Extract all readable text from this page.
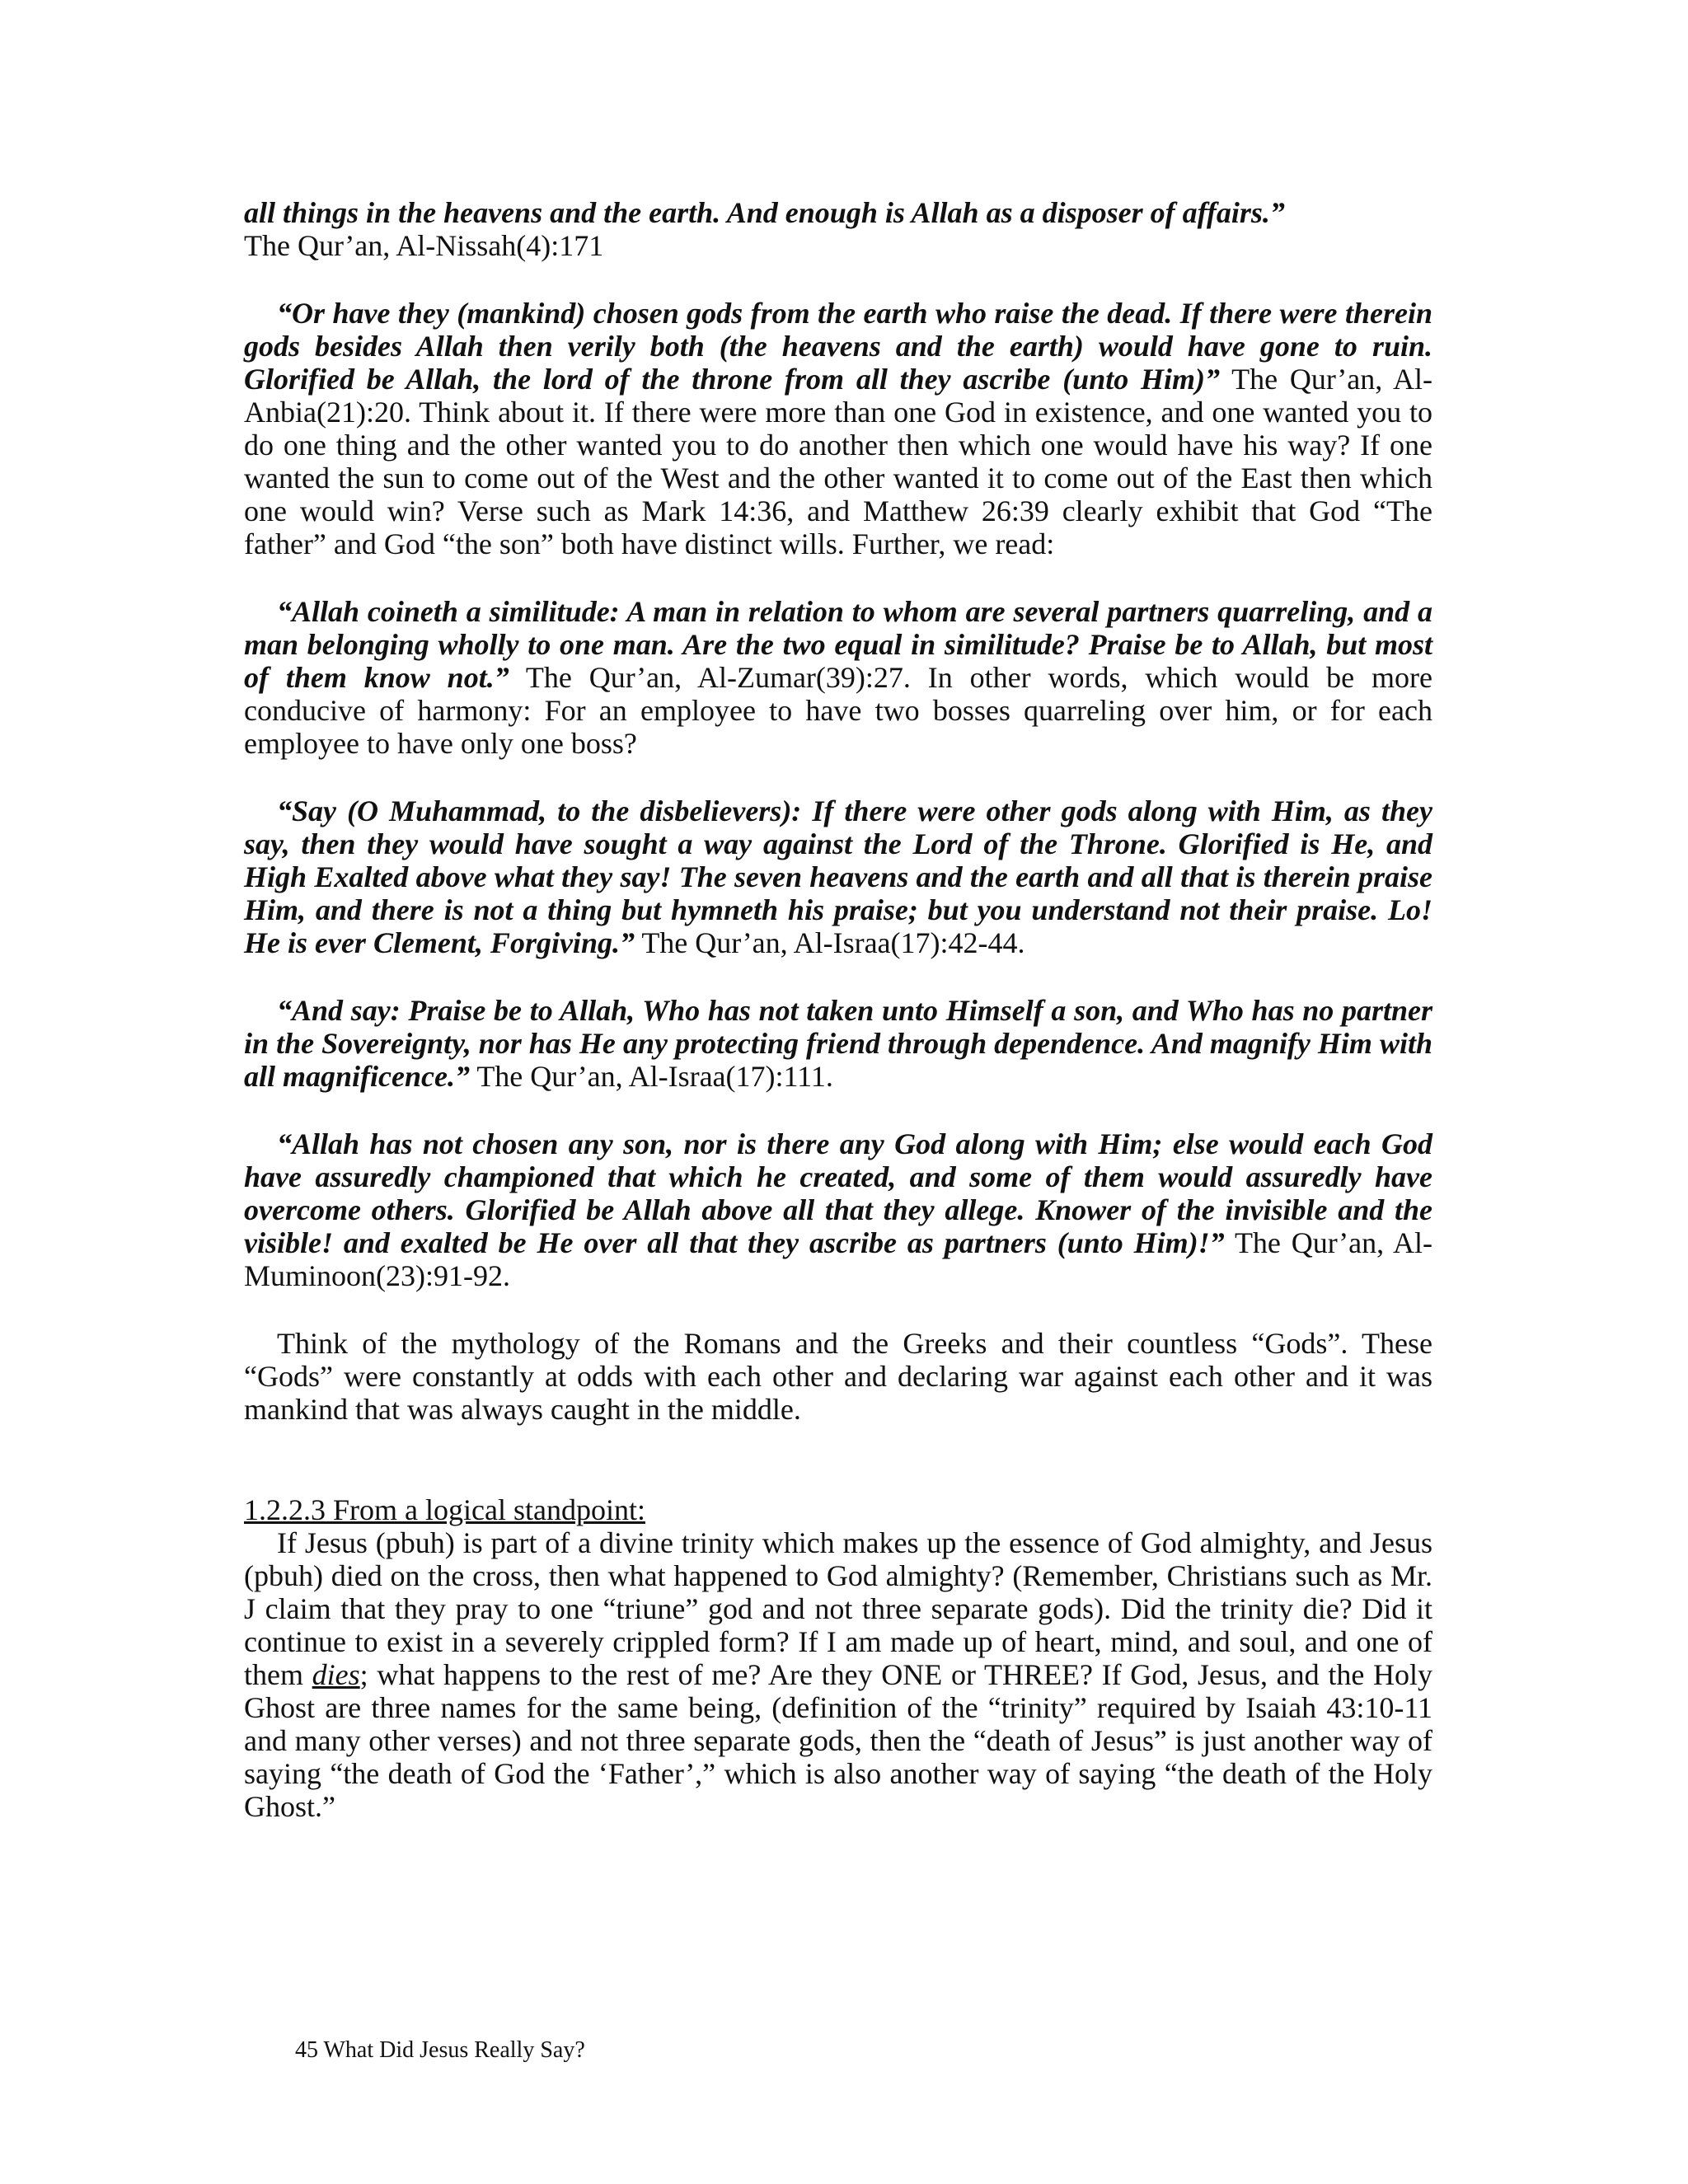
all things in the heavens and the earth. And enough is Allah as a disposer of affairs.”
The Qur’an, Al-Nissah(4):171

“Or have they (mankind) chosen gods from the earth who raise the dead. If there were therein gods besides Allah then verily both (the heavens and the earth) would have gone to ruin. Glorified be Allah, the lord of the throne from all they ascribe (unto Him)” The Qur’an, Al-Anbia(21):20. Think about it. If there were more than one God in existence, and one wanted you to do one thing and the other wanted you to do another then which one would have his way? If one wanted the sun to come out of the West and the other wanted it to come out of the East then which one would win? Verse such as Mark 14:36, and Matthew 26:39 clearly exhibit that God “The father” and God “the son” both have distinct wills. Further, we read:

“Allah coineth a similitude: A man in relation to whom are several partners quarreling, and a man belonging wholly to one man. Are the two equal in similitude? Praise be to Allah, but most of them know not.” The Qur’an, Al-Zumar(39):27. In other words, which would be more conducive of harmony: For an employee to have two bosses quarreling over him, or for each employee to have only one boss?

“Say (O Muhammad, to the disbelievers): If there were other gods along with Him, as they say, then they would have sought a way against the Lord of the Throne. Glorified is He, and High Exalted above what they say! The seven heavens and the earth and all that is therein praise Him, and there is not a thing but hymneth his praise; but you understand not their praise. Lo! He is ever Clement, Forgiving.” The Qur’an, Al-Israa(17):42-44.

“And say: Praise be to Allah, Who has not taken unto Himself a son, and Who has no partner in the Sovereignty, nor has He any protecting friend through dependence. And magnify Him with all magnificence.” The Qur’an, Al-Israa(17):111.

“Allah has not chosen any son, nor is there any God along with Him; else would each God have assuredly championed that which he created, and some of them would assuredly have overcome others. Glorified be Allah above all that they allege. Knower of the invisible and the visible! and exalted be He over all that they ascribe as partners (unto Him)!” The Qur’an, Al-Muminoon(23):91-92.

Think of the mythology of the Romans and the Greeks and their countless “Gods”. These “Gods” were constantly at odds with each other and declaring war against each other and it was mankind that was always caught in the middle.

1.2.2.3 From a logical standpoint:

If Jesus (pbuh) is part of a divine trinity which makes up the essence of God almighty, and Jesus (pbuh) died on the cross, then what happened to God almighty? (Remember, Christians such as Mr. J claim that they pray to one “triune” god and not three separate gods). Did the trinity die? Did it continue to exist in a severely crippled form? If I am made up of heart, mind, and soul, and one of them dies; what happens to the rest of me? Are they ONE or THREE? If God, Jesus, and the Holy Ghost are three names for the same being, (definition of the “trinity” required by Isaiah 43:10-11 and many other verses) and not three separate gods, then the “death of Jesus” is just another way of saying “the death of God the ‘Father’,” which is also another way of saying “the death of the Holy Ghost.”

45 What Did Jesus Really Say?
